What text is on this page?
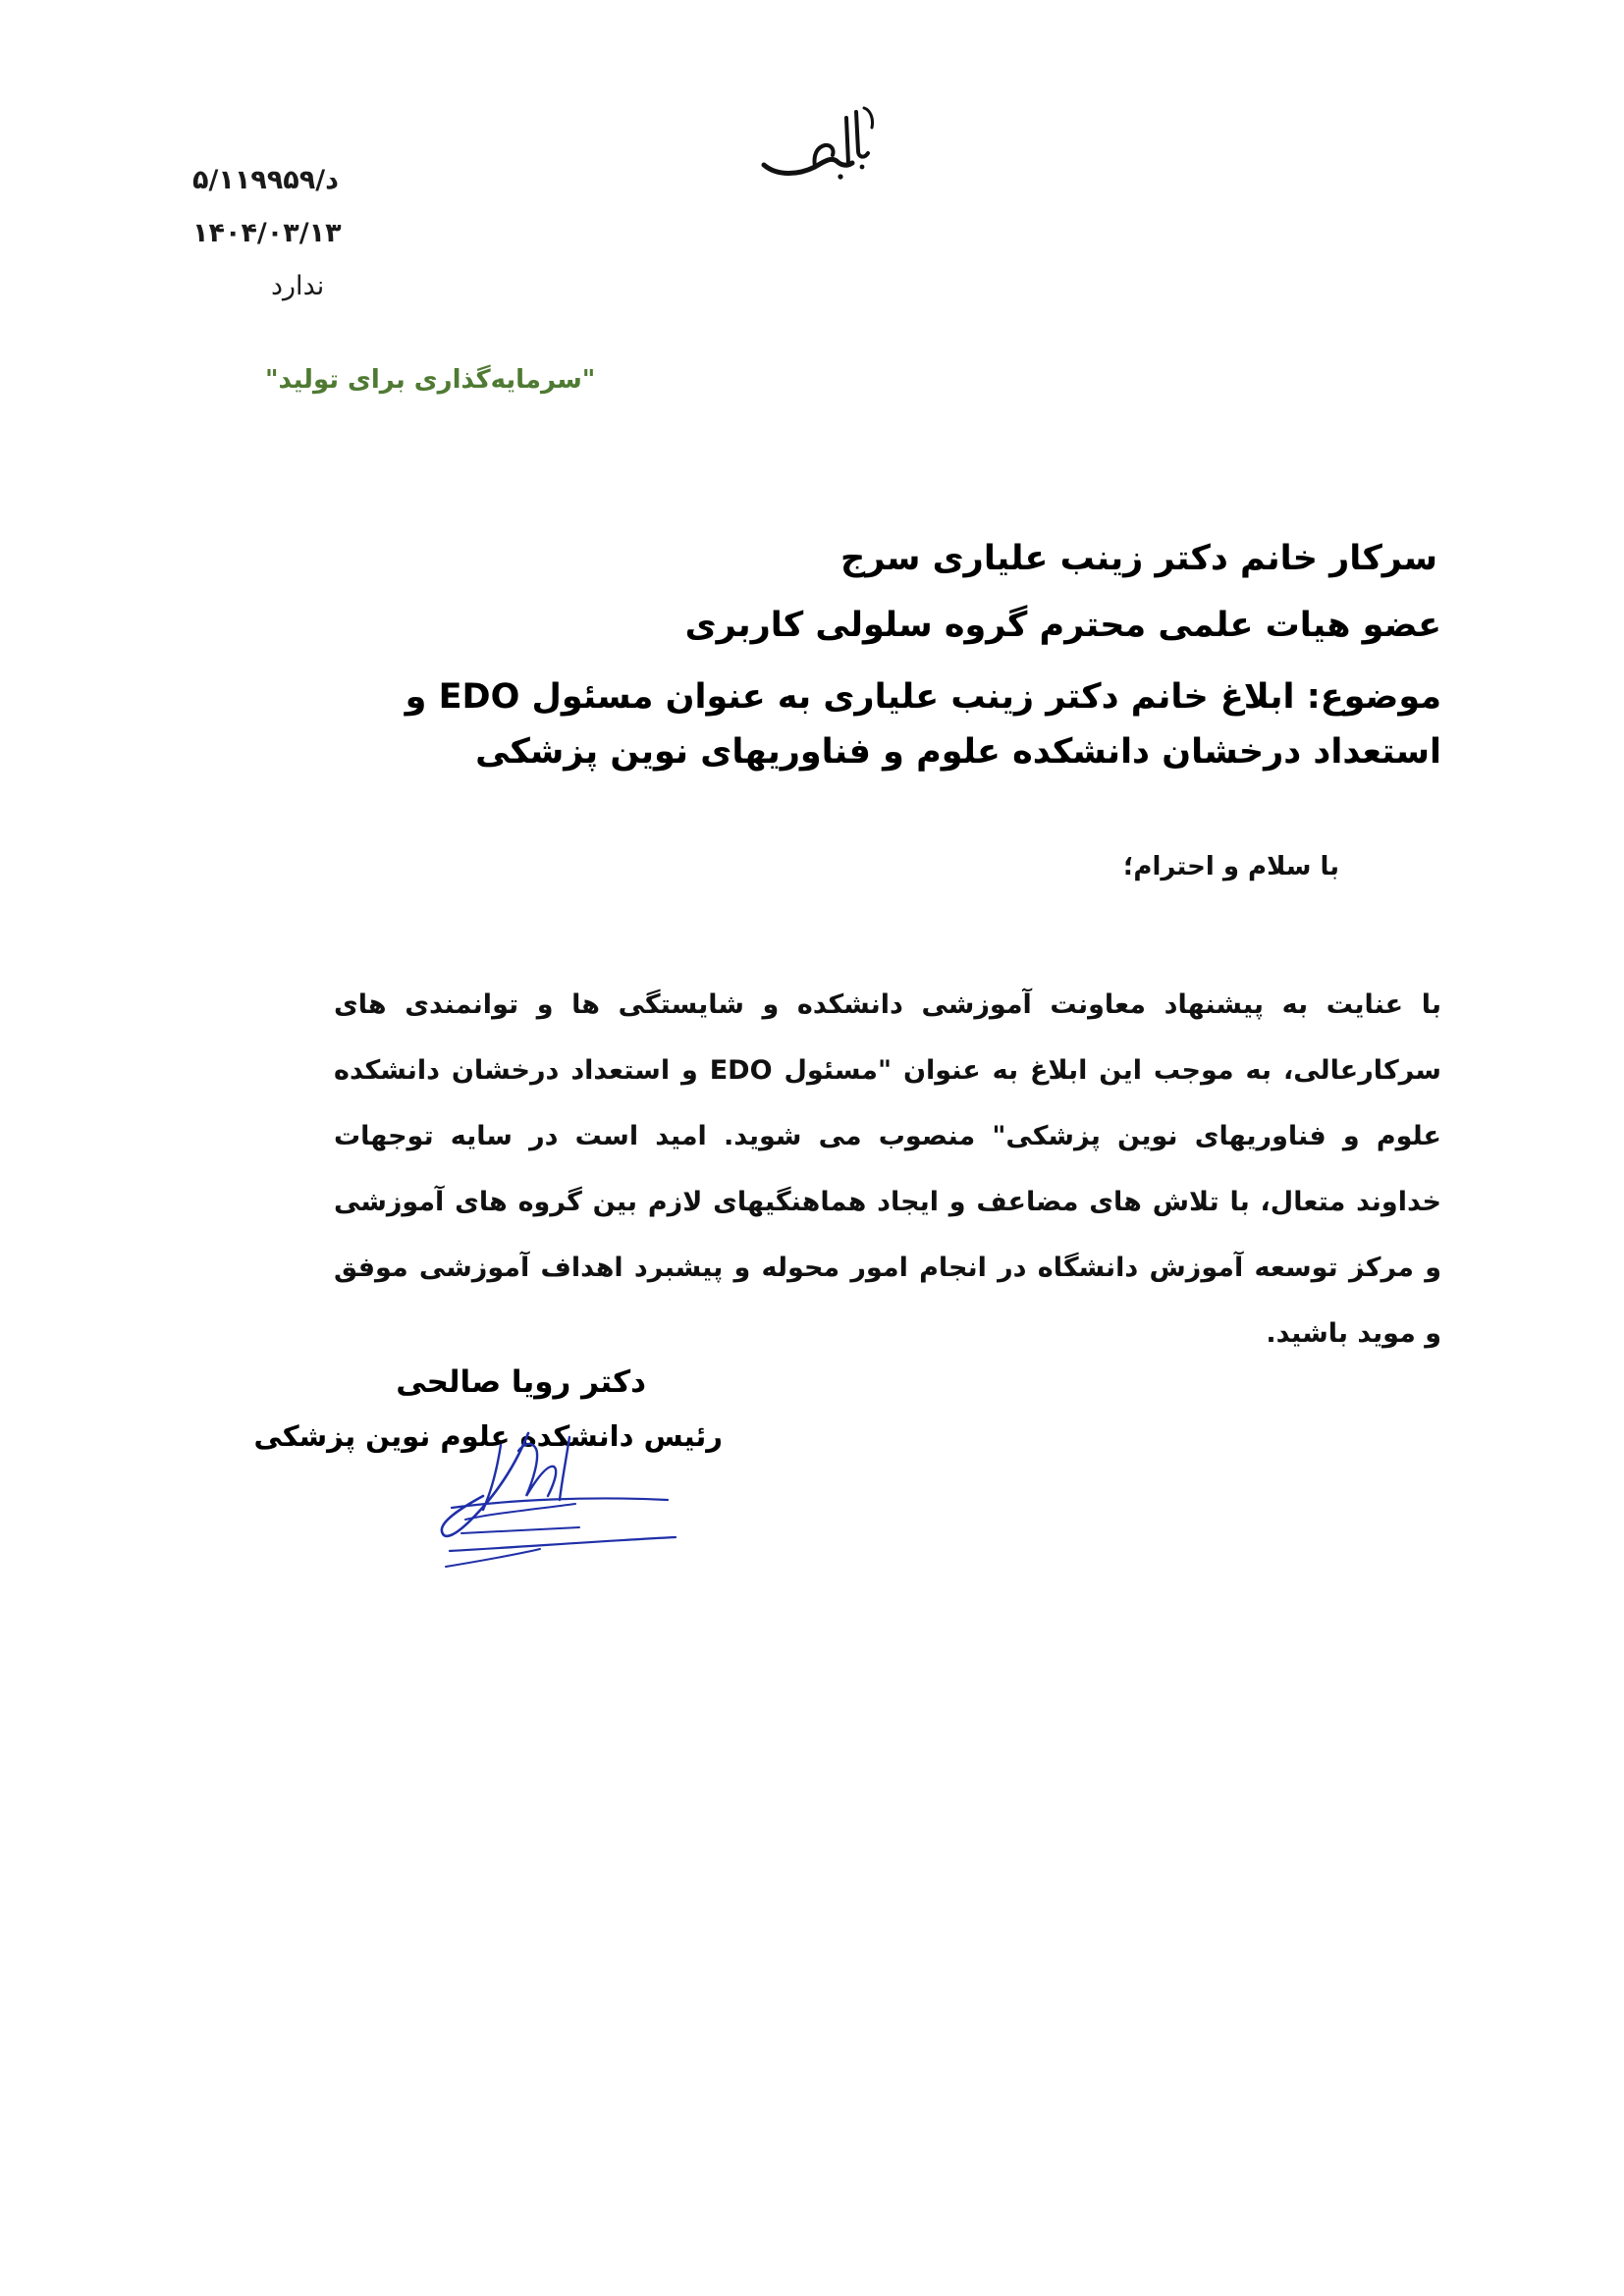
۵/د/۱۱۹۹۵۹
۱۴۰۴/۰۳/۱۳
ندارد
"سرمایه‌گذاری برای تولید"
سرکار خانم دکتر زینب علیاری سرج
عضو هیات علمی محترم گروه سلولی کاربری
موضوع: ابلاغ خانم دکتر زینب علیاری به عنوان مسئول EDO و استعداد درخشان دانشکده علوم و فناوریهای نوین پزشکی
با سلام و احترام؛
با عنایت به پیشنهاد معاونت آموزشی دانشکده و شایستگی ها و توانمندی های سرکارعالی، به موجب این ابلاغ به عنوان "مسئول EDO و استعداد درخشان دانشکده علوم و فناوریهای نوین پزشکی" منصوب می شوید. امید است در سایه توجهات خداوند متعال، با تلاش های مضاعف و ایجاد هماهنگیهای لازم بین گروه های آموزشی و مرکز توسعه آموزش دانشگاه در انجام امور محوله و پیشبرد اهداف آموزشی موفق و موید باشید.
دکتر رویا صالحی
رئیس دانشکده علوم نوین پزشکی
